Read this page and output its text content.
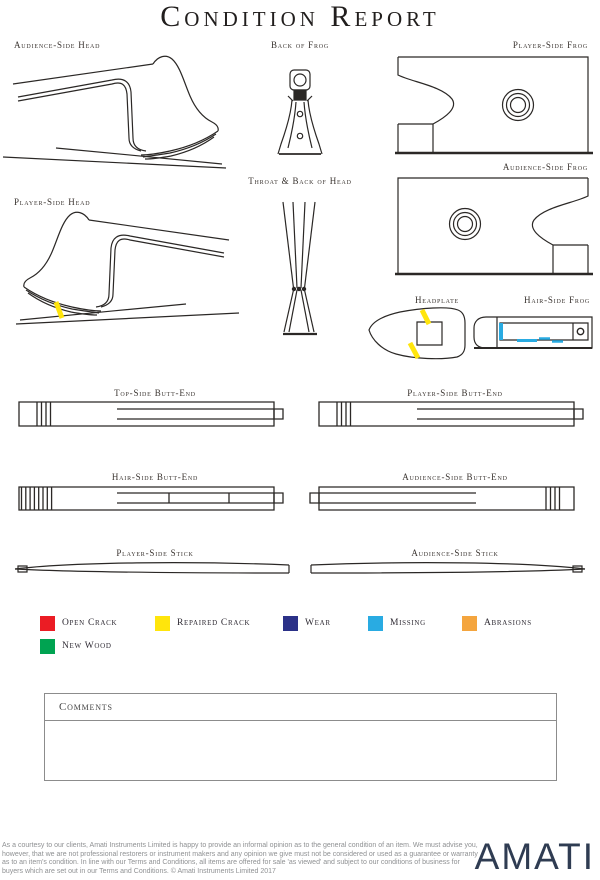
Condition Report
Audience-Side Head	Back of Frog	Player-Side Frog
Audience-Side Frog
Player-Side Head
Throat & Back of Head
Headplate	Hair-Side Frog
Top-Side Butt-End	Player-Side Butt-End
Hair-Side Butt-End	Audience-Side Butt-End
Player-Side Stick	Audience-Side Stick
Open Crack	Repaired Crack	Wear	Missing	Abrasions
New Wood
Comments
As a courtesy to our clients, Amati Instruments Limited is happy to provide an informal opinion as to the general condition of an item. We must advise you, however, that we are not professional restorers or instrument makers and any opinion we give must not be considered or used as a guarantee or warranty as to an item's condition. In line with our Terms and Conditions, all items are offered for sale 'as viewed' and subject to our conditions of business for buyers which are set out in our Terms and Conditions. © Amati Instruments Limited 2017	AMATI
